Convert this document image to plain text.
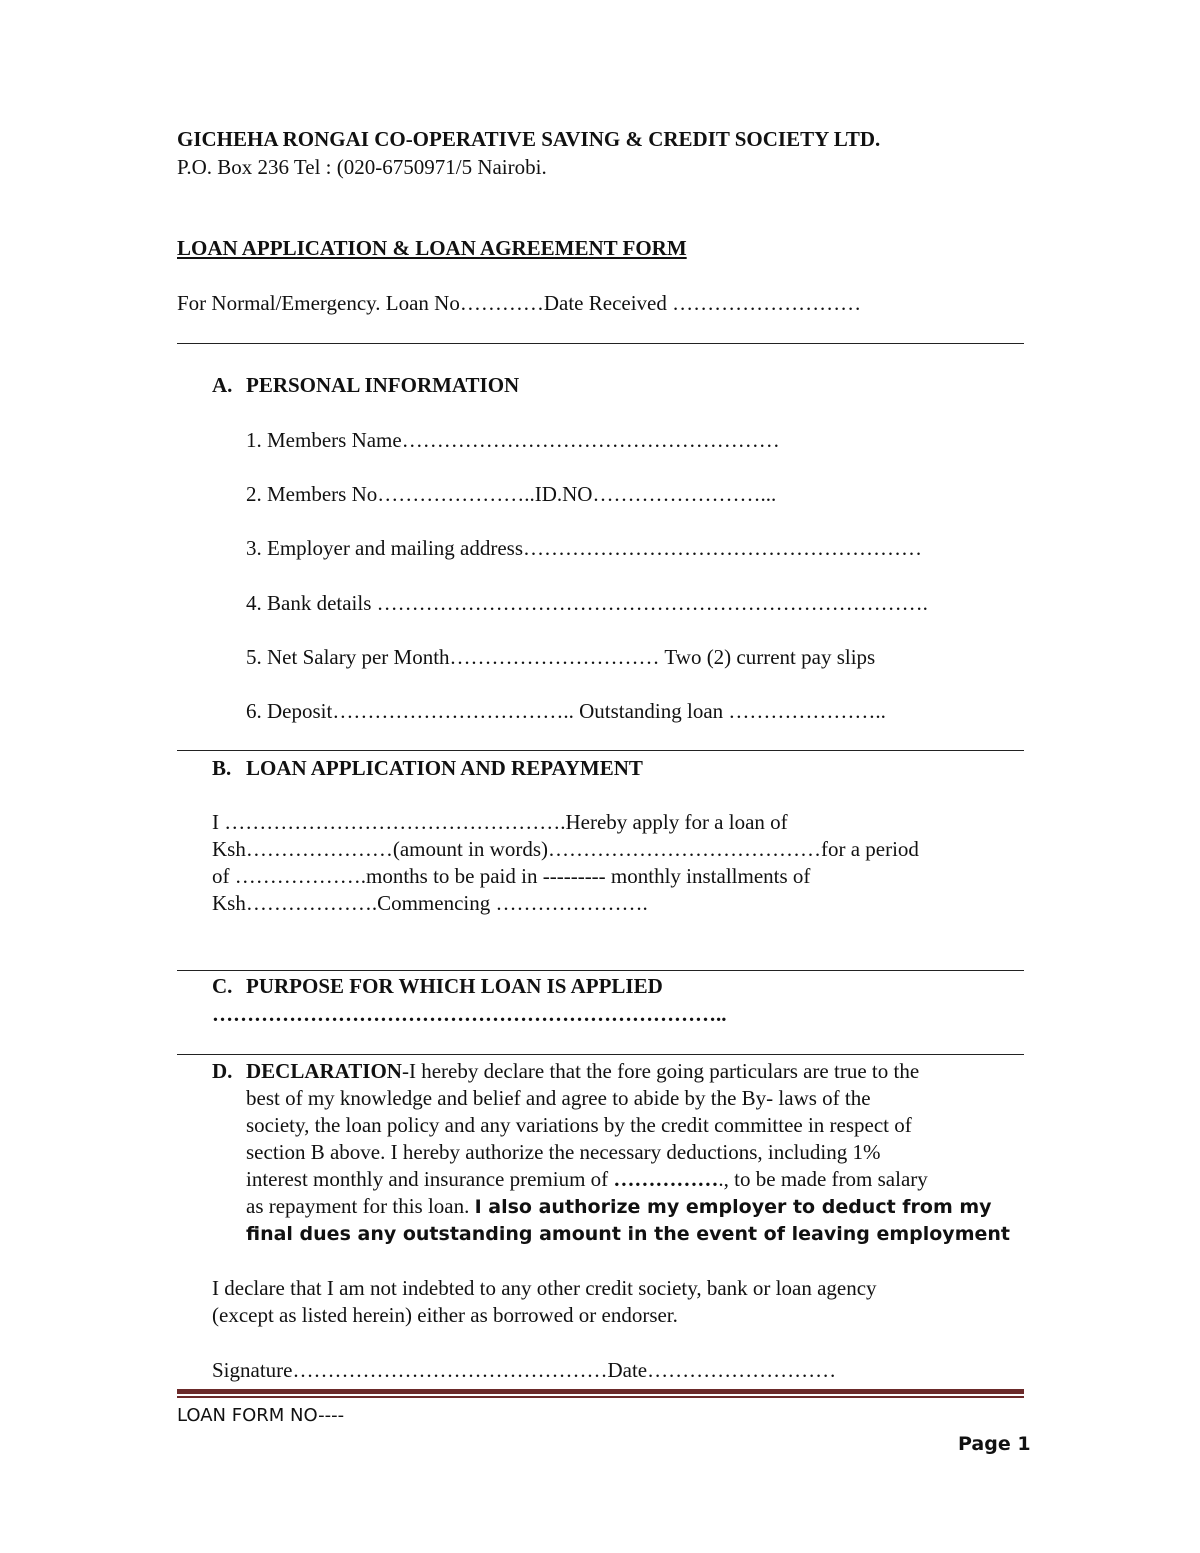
GICHEHA RONGAI CO-OPERATIVE SAVING & CREDIT SOCIETY LTD.
P.O. Box 236 Tel : (020-6750971/5 Nairobi.
LOAN APPLICATION & LOAN AGREEMENT FORM
For Normal/Emergency. Loan No…………Date Received ………………………
A. PERSONAL INFORMATION
1. Members Name………………………………………………
2. Members No…………………..ID.NO……………………...
3. Employer and mailing address…………………………………………………
4. Bank details …………………………………………………………………….
5. Net Salary per Month………………………… Two (2) current pay slips
6. Deposit…………………………….. Outstanding loan …………………..
B. LOAN APPLICATION AND REPAYMENT
I ………………………………………….Hereby apply for a loan of
Ksh…………………(amount in words)…………………………………for a period
of ……………….months to be paid in --------- monthly installments of
Ksh……………….Commencing ………………….
C. PURPOSE FOR WHICH LOAN IS APPLIED
………………………………………………………………..
D. DECLARATION-I hereby declare that the fore going particulars are true to the
best of my knowledge and belief and agree to abide by the By- laws of the
society, the loan policy and any variations by the credit committee in respect of
section B above. I hereby authorize the necessary deductions, including 1%
interest monthly and insurance premium of ……………., to be made from salary
as repayment for this loan. I also authorize my employer to deduct from my
final dues any outstanding amount in the event of leaving employment
I declare that I am not indebted to any other credit society, bank or loan agency
(except as listed herein) either as borrowed or endorser.
Signature………………………………………Date………………………
LOAN FORM NO----
Page 1
